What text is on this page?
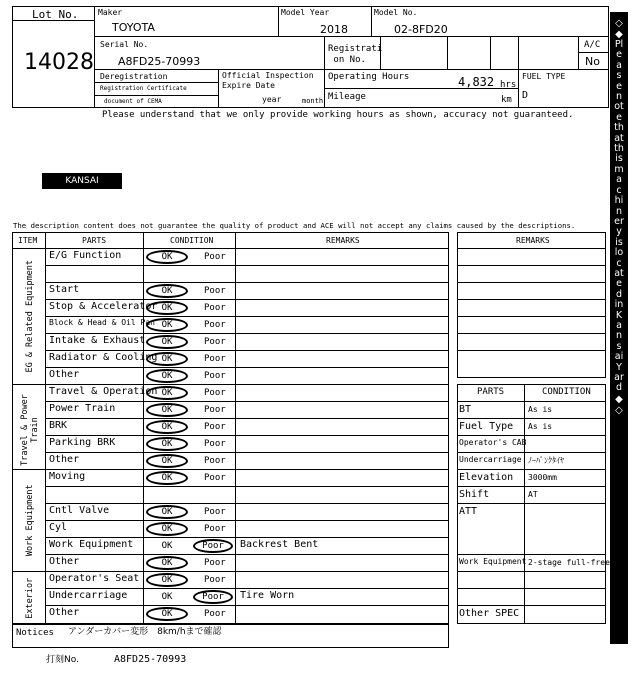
Lot No.
14028
Maker
TOYOTA
Model Year
2018
Model No.
02-8FD20
Serial No.
A8FD25-70993
Registrati
on No.
A/C
No
Deregistration
Registration Certificate
document of CEMA
Official Inspection
Expire Date
year	month
Operating Hours	4,832 hrs
Mileage	km
FUEL TYPE
D
Please understand that we only provide working hours as shown, accuracy not guaranteed.
KANSAI
The description content does not guarantee the quality of product and ACE will not accept any claims caused by the descriptions.
ITEM	PARTS	CONDITION	REMARKS
EG & Related Equipment
Travel & Power
Train
Work Equipment
Exterior
E/G Function	OK	Poor
Start	OK	Poor
Stop & Accelerator OK	Poor
Block & Head & Oil Pan OK	Poor
Intake & Exhaust	OK	Poor
Radiator & Cooling OK	Poor
Other	OK	Poor
Travel & Operation OK	Poor
Power Train	OK	Poor
BRK	OK	Poor
Parking BRK	OK	Poor
Other	OK	Poor
Moving	OK	Poor
Cntl Valve	OK	Poor
Cyl	OK	Poor
Work Equipment	OK	Poor	Backrest Bent
Other	OK	Poor
Operator's Seat	OK	Poor
Undercarriage	OK	Poor	Tire Worn
Other	OK	Poor
REMARKS
PARTS	CONDITION
BT	As is
Fuel Type As is
Operator's CAB
Undercarriage ﾉｰﾊﾟﾝｸﾀｲﾔ
Elevation 3000mm
Shift	AT
ATT
Work Equipment 2-stage full-free
Other SPEC
Notices アンダーカバー変形　8km/hまで確認
打刻No.	A8FD25-70993
◇
◆
Please note that this machinery is located in Kansai Yard
◆
◇
